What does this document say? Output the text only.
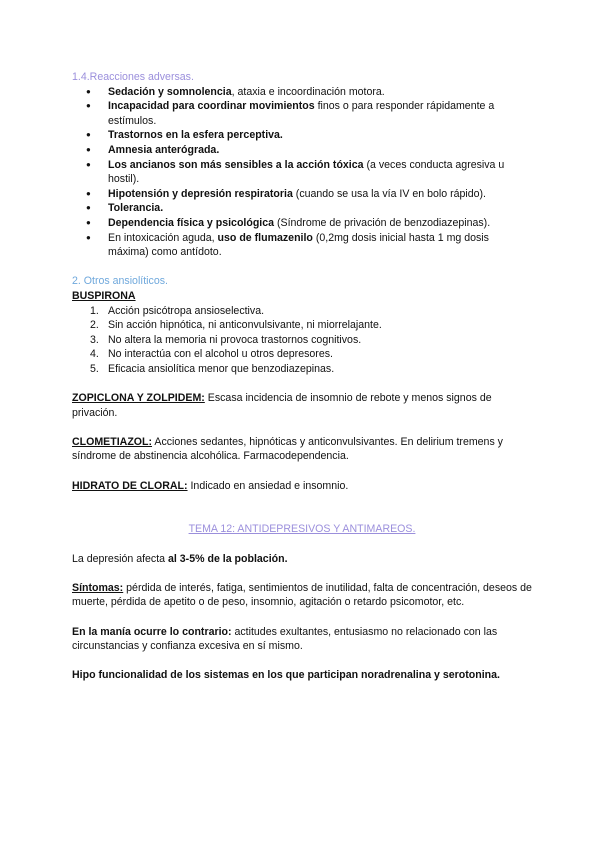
1.4.Reacciones adversas.
● Sedación y somnolencia, ataxia e incoordinación motora.
● Incapacidad para coordinar movimientos finos o para responder rápidamente a estímulos.
● Trastornos en la esfera perceptiva.
● Amnesia anterógrada.
● Los ancianos son más sensibles a la acción tóxica (a veces conducta agresiva u hostil).
● Hipotensión y depresión respiratoria (cuando se usa la vía IV en bolo rápido).
● Tolerancia.
● Dependencia física y psicológica (Síndrome de privación de benzodiazepinas).
● En intoxicación aguda, uso de flumazenilo (0,2mg dosis inicial hasta 1 mg dosis máxima) como antídoto.
2. Otros ansiolíticos.

BUSPIRONA

1. Acción psicótropa ansioselectiva.
2. Sin acción hipnótica, ni anticonvulsivante, ni miorrelajante.
3. No altera la memoria ni provoca trastornos cognitivos.
4. No interactúa con el alcohol u otros depresores.
5. Eficacia ansiolítica menor que benzodiazepinas.

ZOPICLONA Y ZOLPIDEM: Escasa incidencia de insomnio de rebote y menos signos de privación.

CLOMETIAZOL: Acciones sedantes, hipnóticas y anticonvulsivantes. En delirium tremens y síndrome de abstinencia alcohólica. Farmacodependencia.

HIDRATO DE CLORAL: Indicado en ansiedad e insomnio.

TEMA 12: ANTIDEPRESIVOS Y ANTIMAREOS.

La depresión afecta al 3-5% de la población.

Síntomas: pérdida de interés, fatiga, sentimientos de inutilidad, falta de concentración, deseos de muerte, pérdida de apetito o de peso, insomnio, agitación o retardo psicomotor, etc.

En la manía ocurre lo contrario: actitudes exultantes, entusiasmo no relacionado con las circunstancias y confianza excesiva en sí mismo.

Hipo funcionalidad de los sistemas en los que participan noradrenalina y serotonina.
